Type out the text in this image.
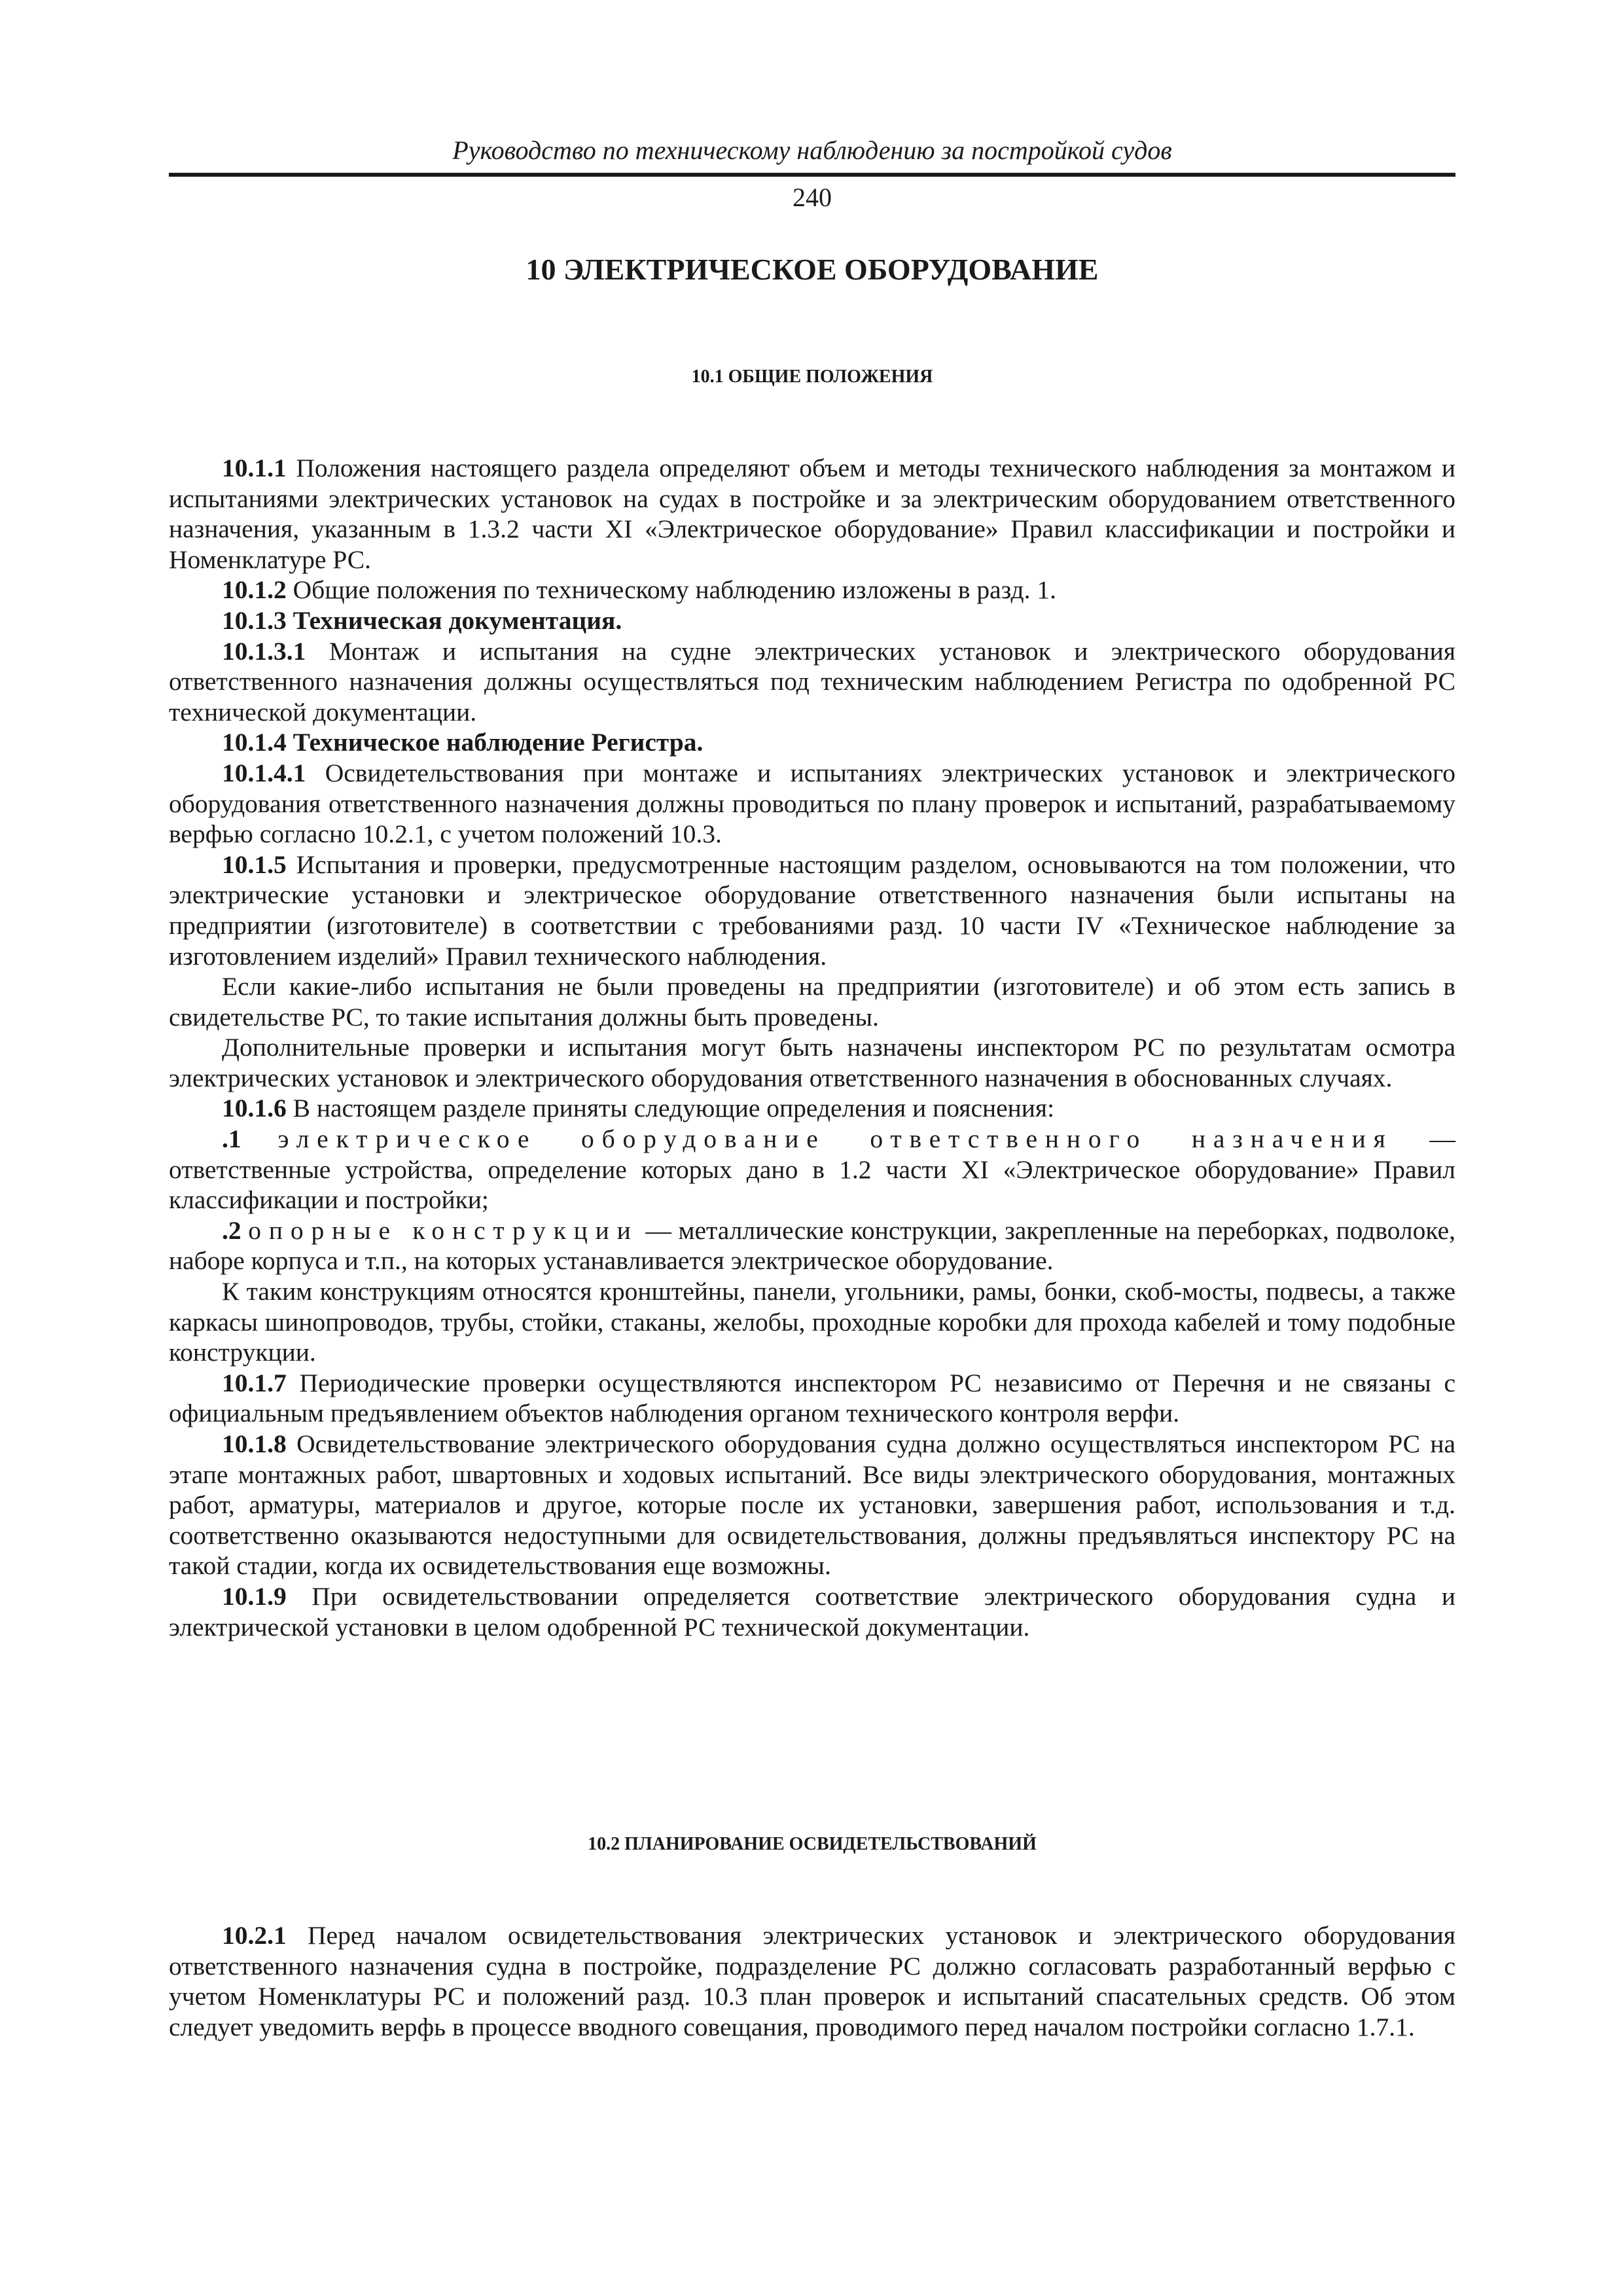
Руководство по техническому наблюдению за постройкой судов
240
10 ЭЛЕКТРИЧЕСКОЕ ОБОРУДОВАНИЕ
10.1 ОБЩИЕ ПОЛОЖЕНИЯ

10.1.1 Положения настоящего раздела определяют объем и методы технического наблюдения за монтажом и испытаниями электрических установок на судах в постройке и за электрическим оборудованием ответственного назначения, указанным в 1.3.2 части XI «Электрическое оборудование» Правил классификации и постройки и Номенклатуре РС.

10.1.2 Общие положения по техническому наблюдению изложены в разд. 1.

10.1.3 Техническая документация.

10.1.3.1 Монтаж и испытания на судне электрических установок и электрического оборудования ответственного назначения должны осуществляться под техническим наблюдением Регистра по одобренной РС технической документации.

10.1.4 Техническое наблюдение Регистра.

10.1.4.1 Освидетельствования при монтаже и испытаниях электрических установок и электрического оборудования ответственного назначения должны проводиться по плану проверок и испытаний, разрабатываемому верфью согласно 10.2.1, с учетом положений 10.3.

10.1.5 Испытания и проверки, предусмотренные настоящим разделом, основываются на том положении, что электрические установки и электрическое оборудование ответственного назначения были испытаны на предприятии (изготовителе) в соответствии с требованиями разд. 10 части IV «Техническое наблюдение за изготовлением изделий» Правил технического наблюдения.

Если какие-либо испытания не были проведены на предприятии (изготовителе) и об этом есть запись в свидетельстве РС, то такие испытания должны быть проведены.

Дополнительные проверки и испытания могут быть назначены инспектором РС по результатам осмотра электрических установок и электрического оборудования ответственного назначения в обоснованных случаях.

10.1.6 В настоящем разделе приняты следующие определения и пояснения:

.1 электрическое оборудование ответственного назначения — ответственные устройства, определение которых дано в 1.2 части XI «Электрическое оборудование» Правил классификации и постройки;

.2 опорные конструкции — металлические конструкции, закрепленные на переборках, подволоке, наборе корпуса и т.п., на которых устанавливается электрическое оборудование.

К таким конструкциям относятся кронштейны, панели, угольники, рамы, бонки, скоб-мосты, подвесы, а также каркасы шинопроводов, трубы, стойки, стаканы, желобы, проходные коробки для прохода кабелей и тому подобные конструкции.

10.1.7 Периодические проверки осуществляются инспектором РС независимо от Перечня и не связаны с официальным предъявлением объектов наблюдения органом технического контроля верфи.

10.1.8 Освидетельствование электрического оборудования судна должно осуществляться инспектором РС на этапе монтажных работ, швартовных и ходовых испытаний. Все виды электрического оборудования, монтажных работ, арматуры, материалов и другое, которые после их установки, завершения работ, использования и т.д. соответственно оказываются недоступными для освидетельствования, должны предъявляться инспектору РС на такой стадии, когда их освидетельствования еще возможны.

10.1.9 При освидетельствовании определяется соответствие электрического оборудования судна и электрической установки в целом одобренной РС технической документации.

10.2 ПЛАНИРОВАНИЕ ОСВИДЕТЕЛЬСТВОВАНИЙ

10.2.1 Перед началом освидетельствования электрических установок и электрического оборудования ответственного назначения судна в постройке, подразделение РС должно согласовать разработанный верфью с учетом Номенклатуры РС и положений разд. 10.3 план проверок и испытаний спасательных средств. Об этом следует уведомить верфь в процессе вводного совещания, проводимого перед началом постройки согласно 1.7.1.
